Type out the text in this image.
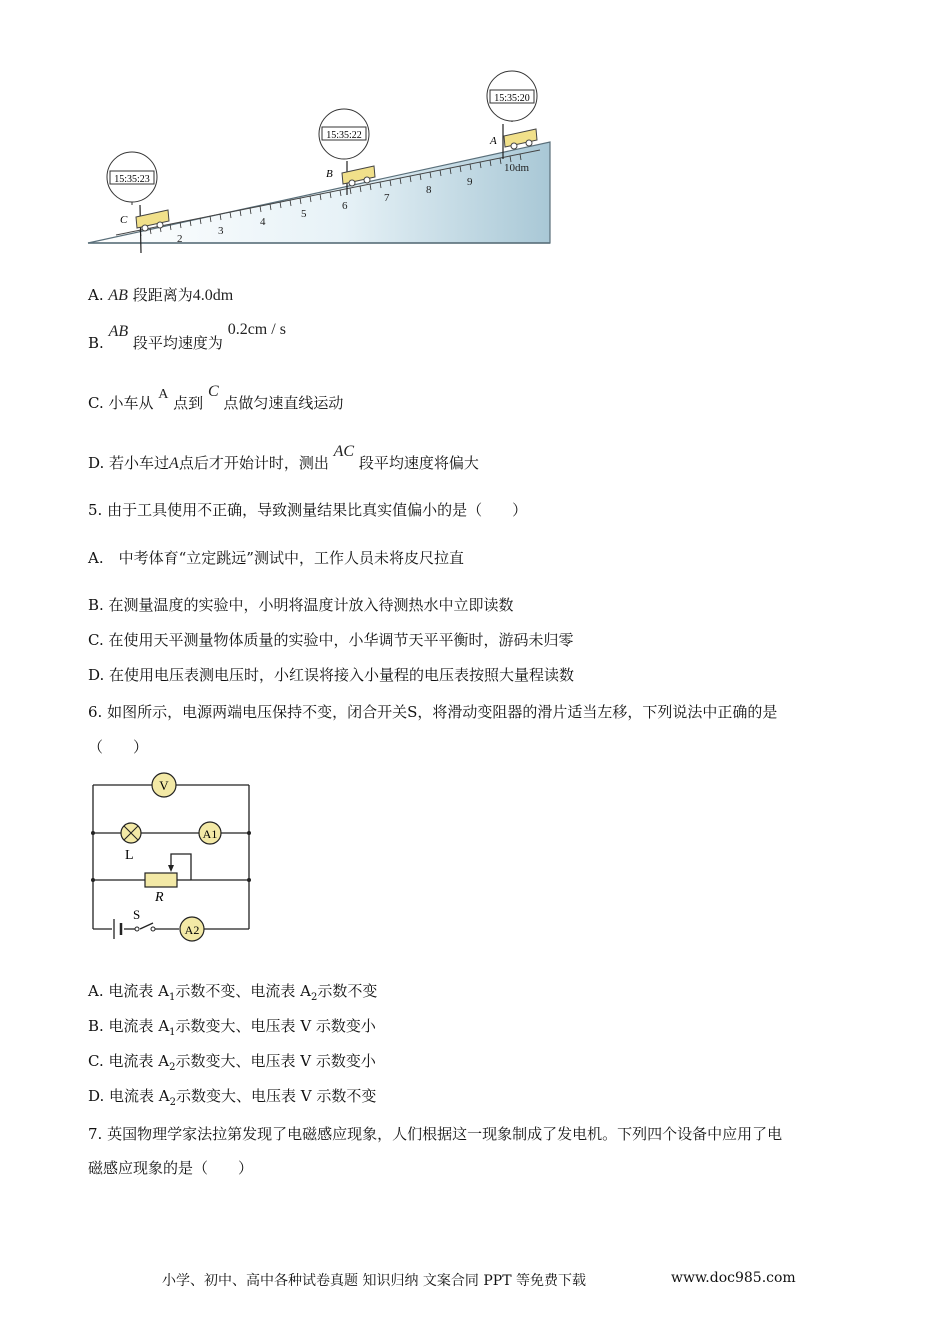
2
3
4
5
6
7
8
9
10dm
15:35:23
C
15:35:22
B
15:35:20
A
A. AB 段距离为4.0dm
B. AB 段平均速度为 0.2cm / s
C. 小车从 A 点到 C 点做匀速直线运动
D. 若小车过A点后才开始计时，测出 AC 段平均速度将偏大
5. 由于工具使用不正确，导致测量结果比真实值偏小的是（　　）
A.　中考体育“立定跳远”测试中，工作人员未将皮尺拉直
B. 在测量温度的实验中，小明将温度计放入待测热水中立即读数
C. 在使用天平测量物体质量的实验中，小华调节天平平衡时，游码未归零
D. 在使用电压表测电压时，小红误将接入小量程的电压表按照大量程读数
6. 如图所示，电源两端电压保持不变，闭合开关S，将滑动变阻器的滑片适当左移，下列说法中正确的是
（　　）
V
L
A1
R
S
A2
A. 电流表 $A_1$示数不变、电流表 $A_2$示数不变
B. 电流表 $A_1$示数变大、电压表 V 示数变小
C. 电流表 $A_2$示数变大、电压表 V 示数变小
D. 电流表 $A_2$示数变大、电压表 V 示数不变
7. 英国物理学家法拉第发现了电磁感应现象，人们根据这一现象制成了发电机。下列四个设备中应用了电
磁感应现象的是（　　）
小学、初中、高中各种试卷真题 知识归纳 文案合同 PPT 等免费下载	www.doc985.com
